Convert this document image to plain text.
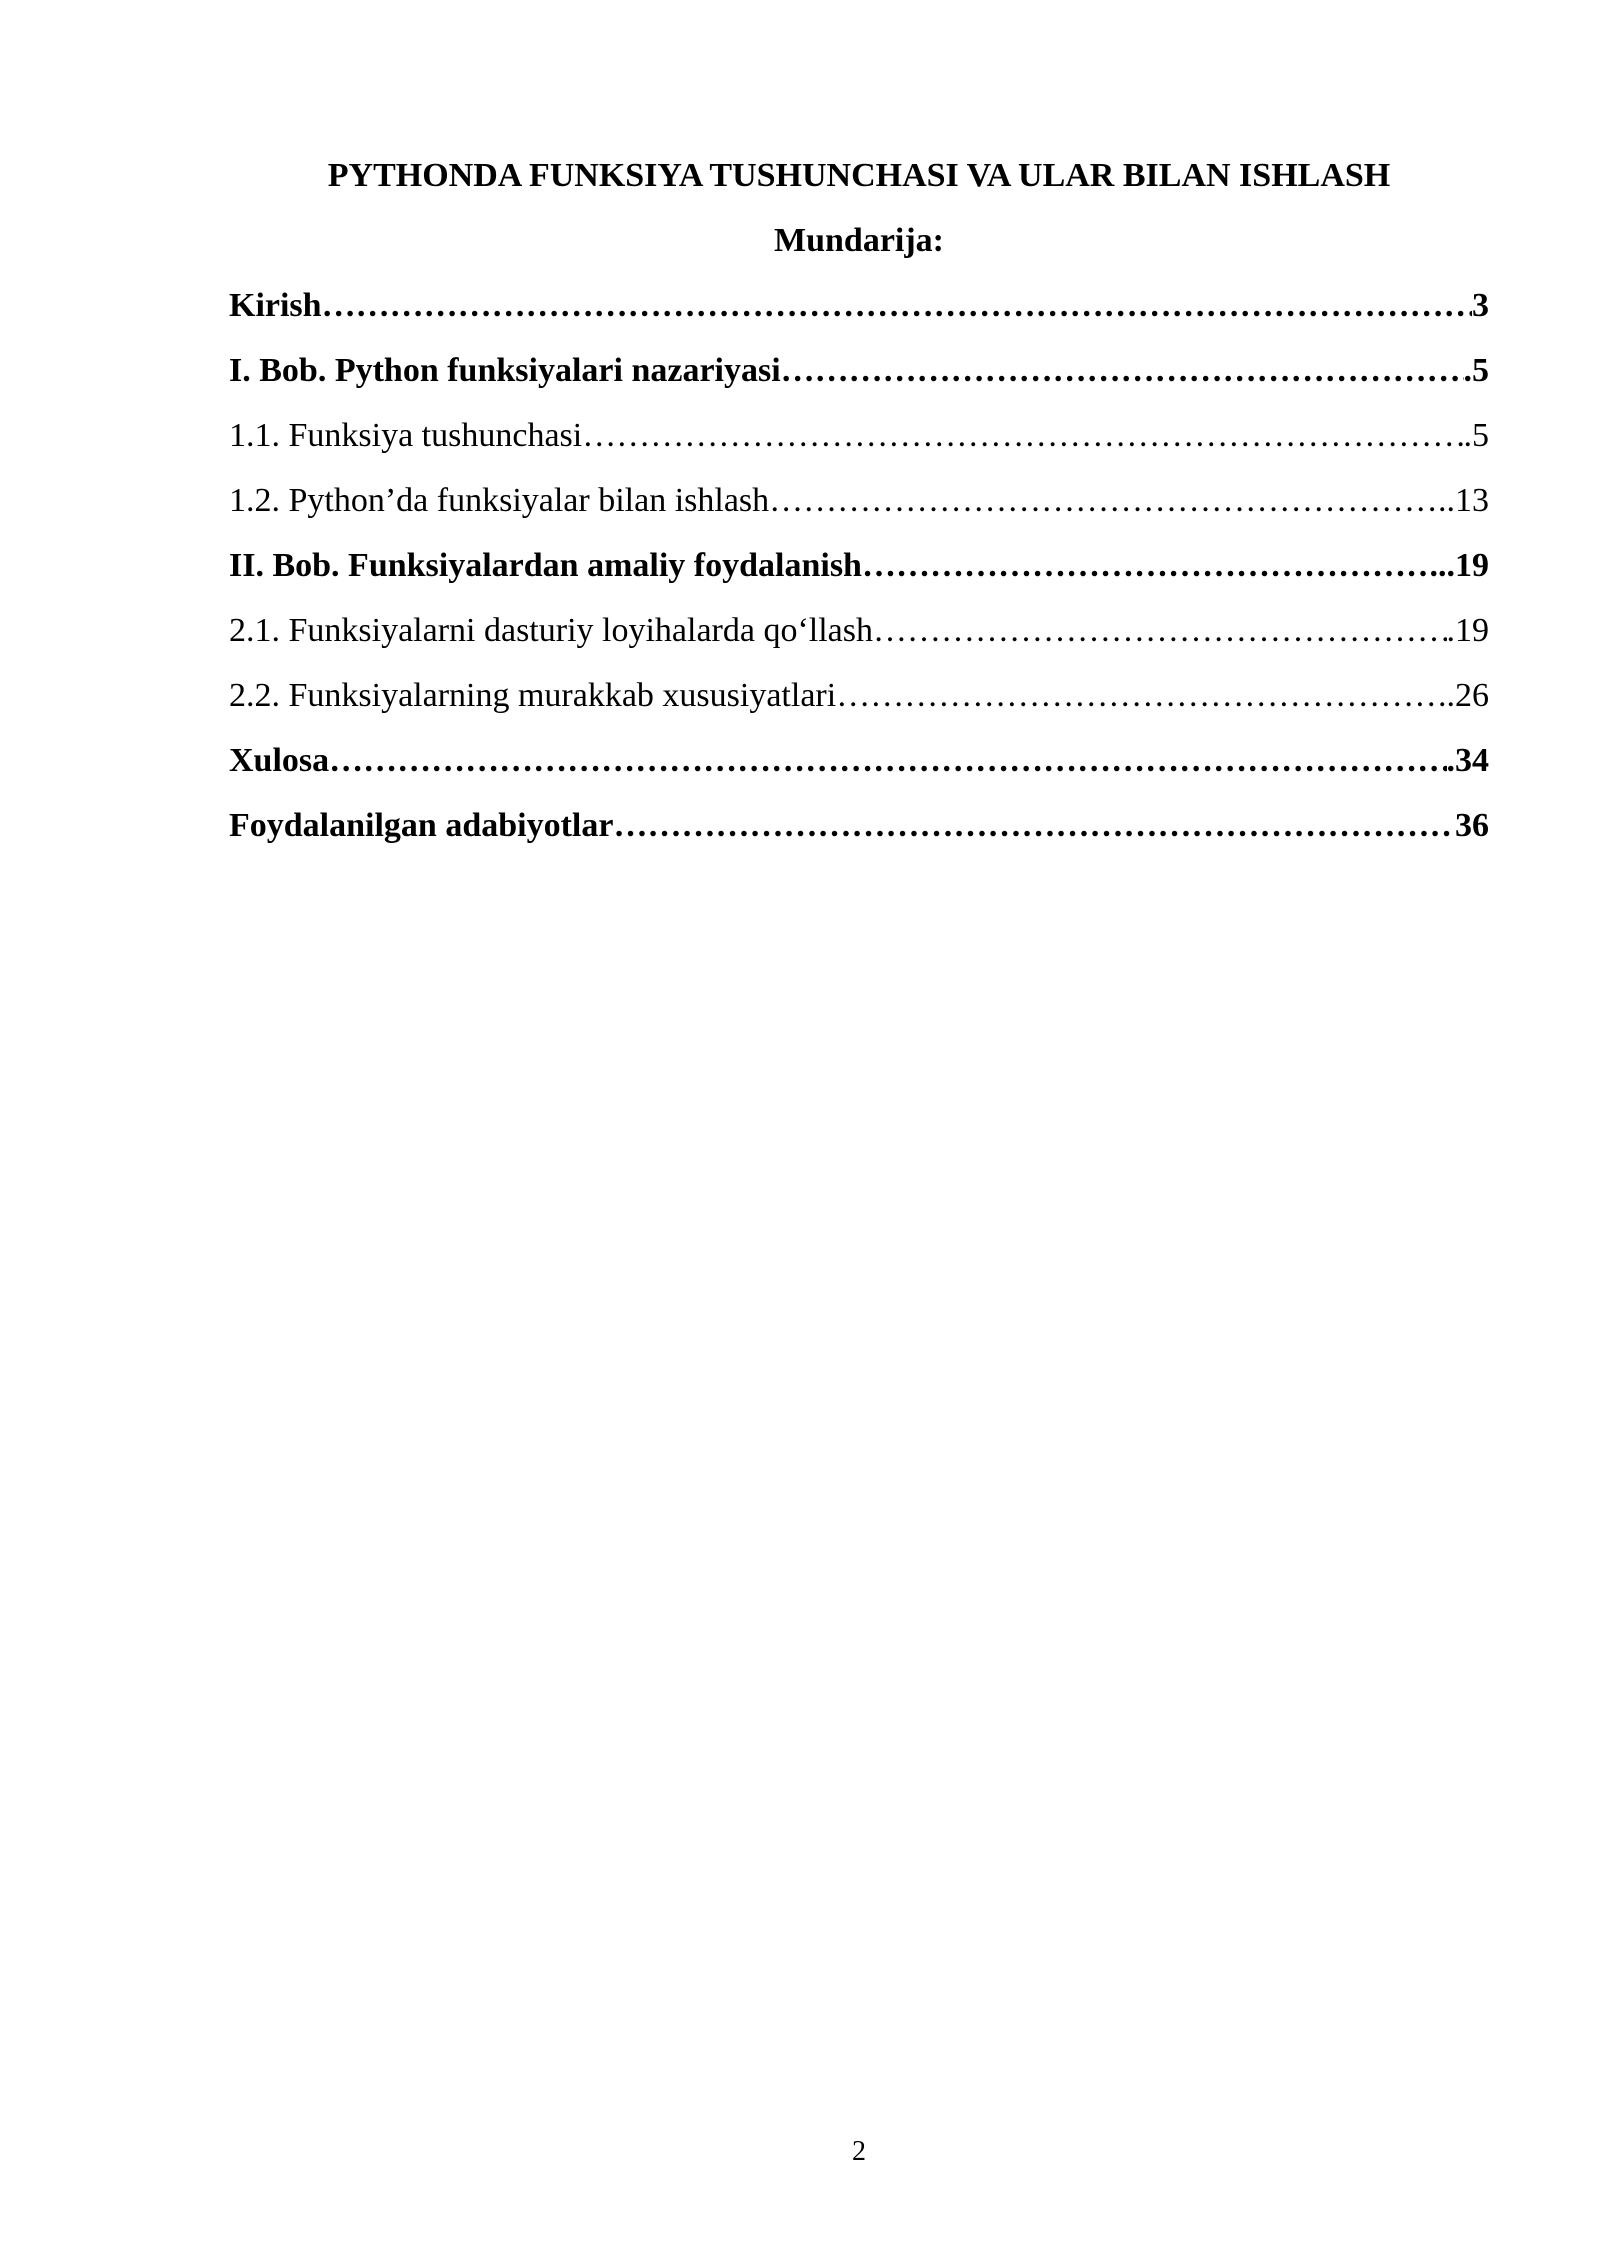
PYTHONDA FUNKSIYA TUSHUNCHASI VA ULAR BILAN ISHLASH
Mundarija:
Kirish ……………………………………………………………………………………………………………………………………………………………………………………………………………………………	3
I. Bob. Python funksiyalari nazariyasi ……………………………………………………………………………………………………………………………………………………………………………………………………………………………	.5
1.1. Funksiya tushunchasi ……………………………………………………………………………………………………………………………………………………………………………………………………………………………	.5
1.2. Python’da funksiyalar bilan ishlash ……………………………………………………………………………………………………………………………………………………………………………………………………………………………	..13
II. Bob. Funksiyalardan amaliy foydalanish ……………………………………………………………………………………………………………………………………………………………………………………………………………………………	...19
2.1. Funksiyalarni dasturiy loyihalarda qo‘llash ……………………………………………………………………………………………………………………………………………………………………………………………………………………………	.19
2.2. Funksiyalarning murakkab xususiyatlari ……………………………………………………………………………………………………………………………………………………………………………………………………………………………	..26
Xulosa ……………………………………………………………………………………………………………………………………………………………………………………………………………………………	.34
Foydalanilgan adabiyotlar ……………………………………………………………………………………………………………………………………………………………………………………………………………………………	36
2
